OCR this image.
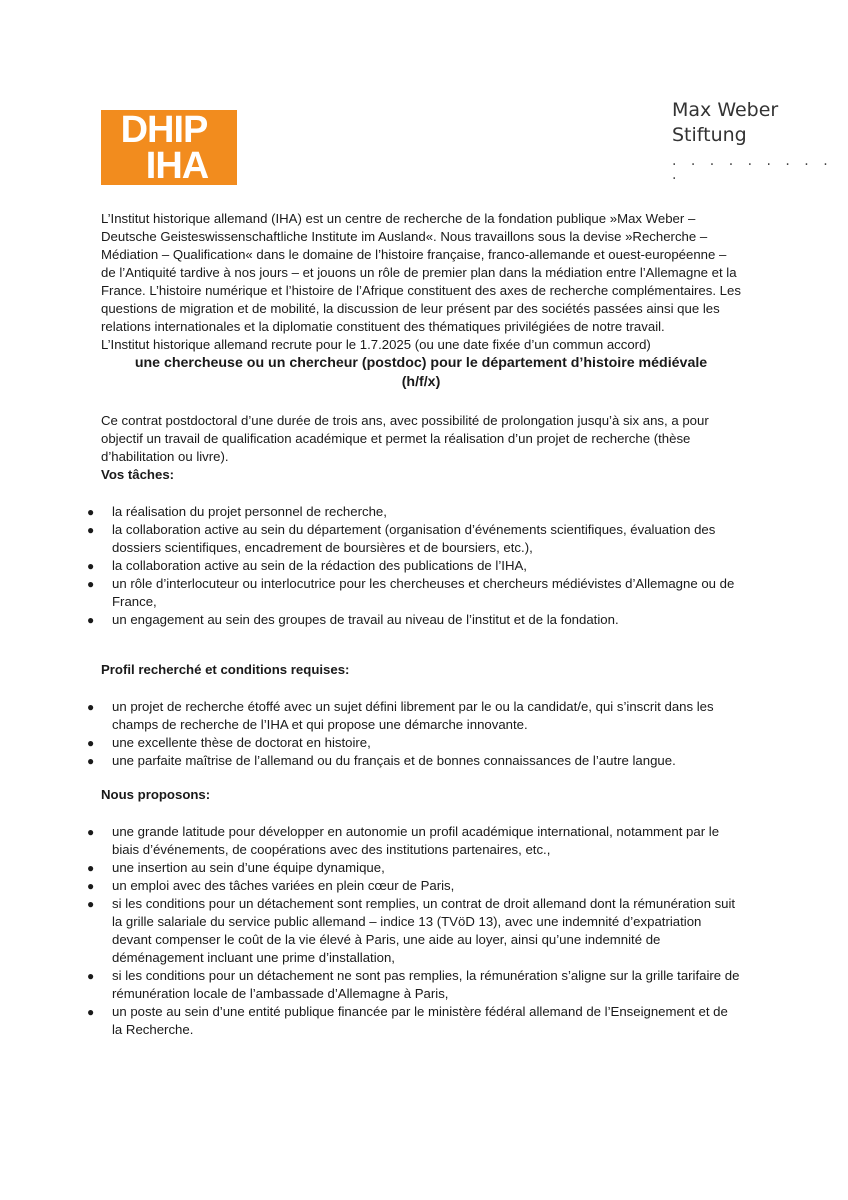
DHIP
IHA
Max Weber
Stiftung
. . . . . . . . . .

L’Institut historique allemand (IHA) est un centre de recherche de la fondation publique »Max Weber – Deutsche Geisteswissenschaftliche Institute im Ausland«. Nous travaillons sous la devise »Recherche – Médiation – Qualification« dans le domaine de l’histoire française, franco-allemande et ouest-européenne – de l’Antiquité tardive à nos jours – et jouons un rôle de premier plan dans la médiation entre l’Allemagne et la France. L’histoire numérique et l’histoire de l’Afrique constituent des axes de recherche complémentaires. Les questions de migration et de mobilité, la discussion de leur présent par des sociétés passées ainsi que les relations internationales et la diplomatie constituent des thématiques privilégiées de notre travail.

L’Institut historique allemand recrute pour le 1.7.2025 (ou une date fixée d’un commun accord)

une chercheuse ou un chercheur (postdoc) pour le département d’histoire médiévale
(h/f/x)

Ce contrat postdoctoral d’une durée de trois ans, avec possibilité de prolongation jusqu’à six ans, a pour objectif un travail de qualification académique et permet la réalisation d’un projet de recherche (thèse d’habilitation ou livre).

Vos tâches:
● la réalisation du projet personnel de recherche,
● la collaboration active au sein du département (organisation d’événements scientifiques, évaluation des dossiers scientifiques, encadrement de boursières et de boursiers, etc.),
● la collaboration active au sein de la rédaction des publications de l’IHA,
● un rôle d’interlocuteur ou interlocutrice pour les chercheuses et chercheurs médiévistes d’Allemagne ou de France,
● un engagement au sein des groupes de travail au niveau de l’institut et de la fondation.
Profil recherché et conditions requises:
● un projet de recherche étoffé avec un sujet défini librement par le ou la candidat/e, qui s’inscrit dans les champs de recherche de l’IHA et qui propose une démarche innovante.
● une excellente thèse de doctorat en histoire,
● une parfaite maîtrise de l’allemand ou du français et de bonnes connaissances de l’autre langue.
Nous proposons:
● une grande latitude pour développer en autonomie un profil académique international, notamment par le biais d’événements, de coopérations avec des institutions partenaires, etc.,
● une insertion au sein d’une équipe dynamique,
● un emploi avec des tâches variées en plein cœur de Paris,
● si les conditions pour un détachement sont remplies, un contrat de droit allemand dont la rémunération suit la grille salariale du service public allemand – indice 13 (TVöD 13), avec une indemnité d’expatriation devant compenser le coût de la vie élevé à Paris, une aide au loyer, ainsi qu’une indemnité de déménagement incluant une prime d’installation,
● si les conditions pour un détachement ne sont pas remplies, la rémunération s’aligne sur la grille tarifaire de rémunération locale de l’ambassade d’Allemagne à Paris,
● un poste au sein d’une entité publique financée par le ministère fédéral allemand de l’Enseignement et de la Recherche.
